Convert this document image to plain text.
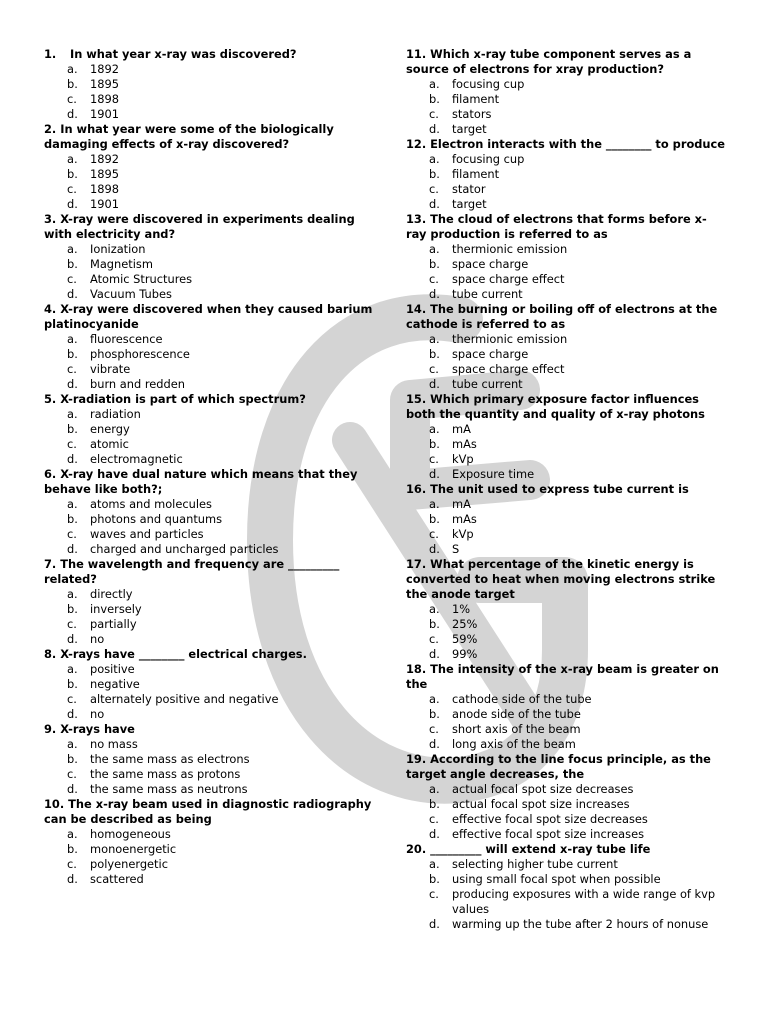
1. In what year x-ray was discovered?
a.	1892
b.	1895
c.	1898
d.	1901
2. In what year were some of the biologically damaging effects of x-ray discovered?
a.	1892
b.	1895
c.	1898
d.	1901
3. X-ray were discovered in experiments dealing with electricity and?
a.	Ionization
b.	Magnetism
c.	Atomic Structures
d.	Vacuum Tubes
4. X-ray were discovered when they caused barium platinocyanide
a.	fluorescence
b.	phosphorescence
c.	vibrate
d.	burn and redden
5. X-radiation is part of which spectrum?
a.	radiation
b.	energy
c.	atomic
d.	electromagnetic
6. X-ray have dual nature which means that they behave like both?;
a.	atoms and molecules
b.	photons and quantums
c.	waves and particles
d.	charged and uncharged particles
7. The wavelength and frequency are _________ related?
a.	directly
b.	inversely
c.	partially
d.	no
8. X-rays have ________ electrical charges.
a.	positive
b.	negative
c.	alternately positive and negative
d.	no
9. X-rays have
a.	no mass
b.	the same mass as electrons
c.	the same mass as protons
d.	the same mass as neutrons
10. The x-ray beam used in diagnostic radiography can be described as being
a.	homogeneous
b.	monoenergetic
c.	polyenergetic
d.	scattered
11. Which x-ray tube component serves as a source of electrons for xray production?
a.	focusing cup
b.	filament
c.	stators
d.	target
12. Electron interacts with the ________ to produce
a.	focusing cup
b.	filament
c.	stator
d.	target
13. The cloud of electrons that forms before x-ray production is referred to as
a.	thermionic emission
b.	space charge
c.	space charge effect
d.	tube current
14. The burning or boiling off of electrons at the cathode is referred to as
a.	thermionic emission
b.	space charge
c.	space charge effect
d.	tube current
15. Which primary exposure factor influences both the quantity and quality of x-ray photons
a.	mA
b.	mAs
c.	kVp
d.	Exposure time
16. The unit used to express tube current is
a.	mA
b.	mAs
c.	kVp
d.	S
17. What percentage of the kinetic energy is converted to heat when moving electrons strike the anode target
a.	1%
b.	25%
c.	59%
d.	99%
18. The intensity of the x-ray beam is greater on the
a.	cathode side of the tube
b.	anode side of the tube
c.	short axis of the beam
d.	long axis of the beam
19. According to the line focus principle, as the target angle decreases, the
a.	actual focal spot size decreases
b.	actual focal spot size increases
c.	effective focal spot size decreases
d.	effective focal spot size increases
20. _________ will extend x-ray tube life
a.	selecting higher tube current
b.	using small focal spot when possible
c.	producing exposures with a wide range of kvp values
d.	warming up the tube after 2 hours of nonuse
